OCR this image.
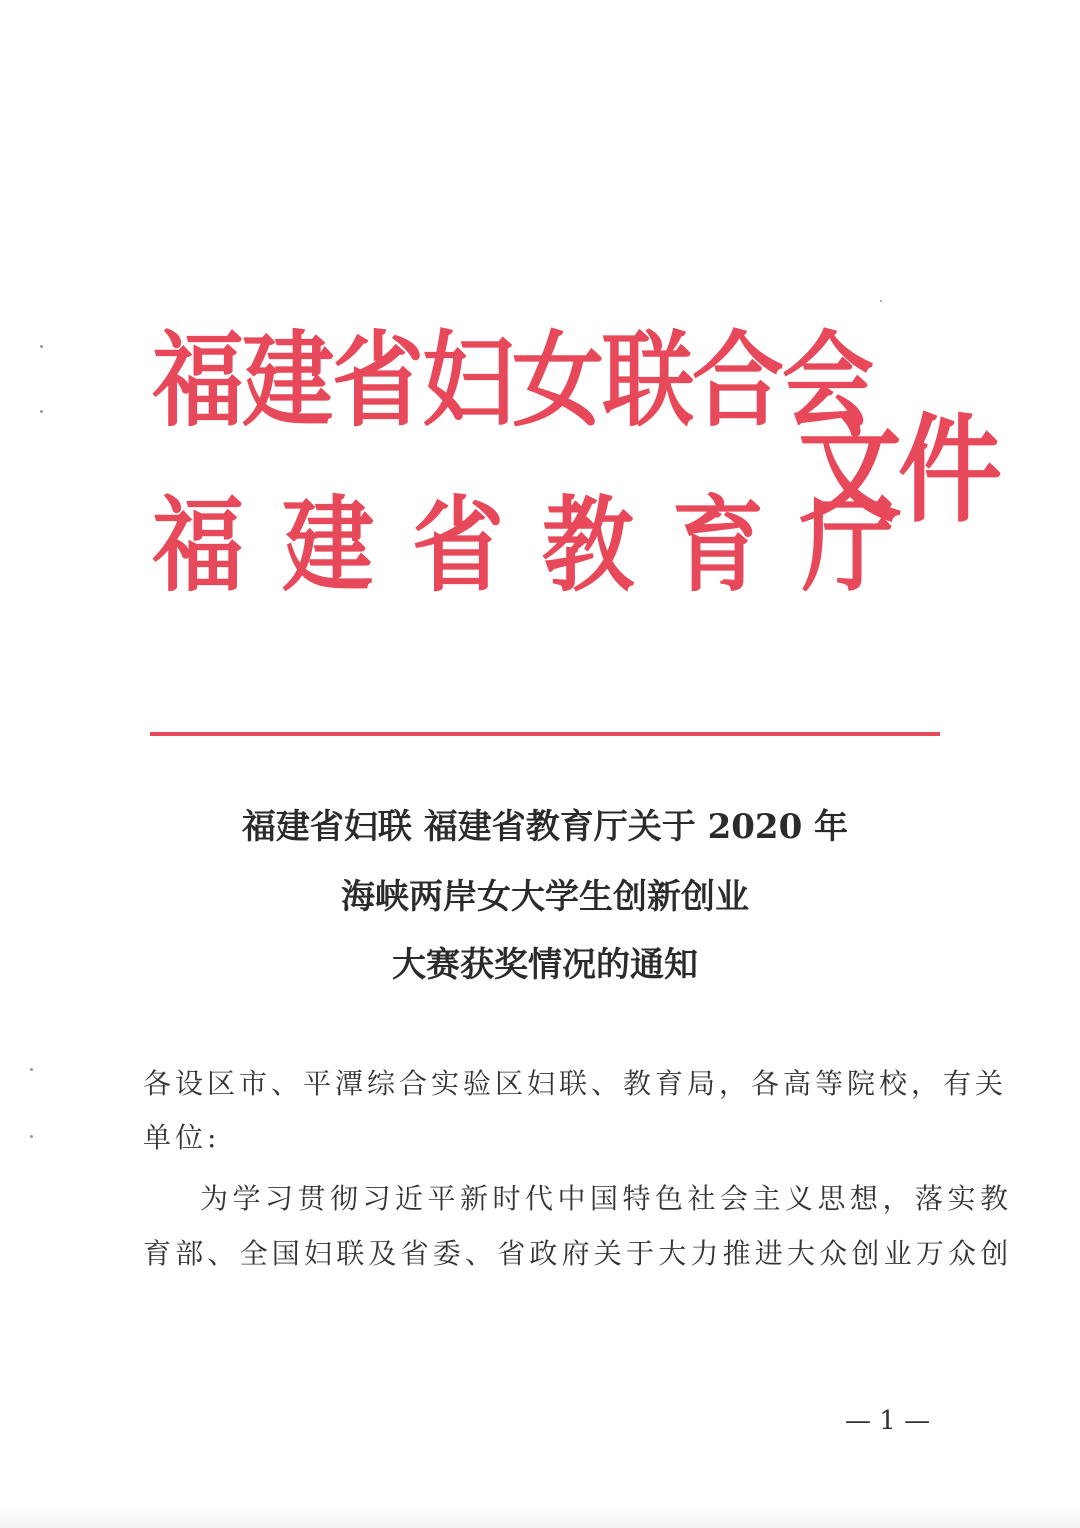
福建省妇女联合会
福建省教育厅
文件
福建省妇联 福建省教育厅关于 2020 年
海峡两岸女大学生创新创业
大赛获奖情况的通知
各设区市、平潭综合实验区妇联、教育局，各高等院校，有关
单位:
为学习贯彻习近平新时代中国特色社会主义思想，落实教
育部、全国妇联及省委、省政府关于大力推进大众创业万众创
— 1 —
